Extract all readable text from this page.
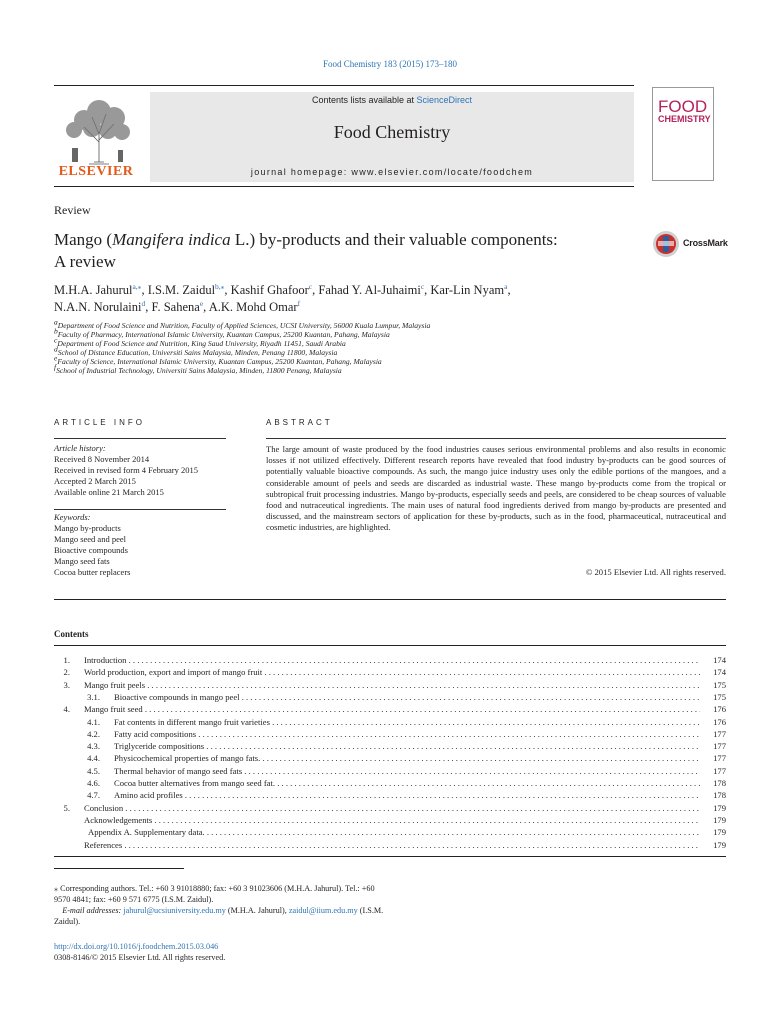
Food Chemistry 183 (2015) 173–180
ELSEVIER
Contents lists available at ScienceDirect
Food Chemistry
journal homepage: www.elsevier.com/locate/foodchem
FOOD
CHEMISTRY
Review
Mango (Mangifera indica L.) by-products and their valuable components:
A review
CrossMark
M.H.A. Jahurul$^{a,⁎}$, I.S.M. Zaidul$^{b,⁎}$, Kashif Ghafoor$^c$, Fahad Y. Al-Juhaimi$^c$, Kar-Lin Nyam$^a$,
N.A.N. Norulaini$^d$, F. Sahena$^e$, A.K. Mohd Omar$^f$
$^a$Department of Food Science and Nutrition, Faculty of Applied Sciences, UCSI University, 56000 Kuala Lumpur, Malaysia
$^b$Faculty of Pharmacy, International Islamic University, Kuantan Campus, 25200 Kuantan, Pahang, Malaysia
$^c$Department of Food Science and Nutrition, King Saud University, Riyadh 11451, Saudi Arabia
$^d$School of Distance Education, Universiti Sains Malaysia, Minden, Penang 11800, Malaysia
$^e$Faculty of Science, International Islamic University, Kuantan Campus, 25200 Kuantan, Pahang, Malaysia
$^f$School of Industrial Technology, Universiti Sains Malaysia, Minden, 11800 Penang, Malaysia
ARTICLE INFO
Article history:
Received 8 November 2014
Received in revised form 4 February 2015
Accepted 2 March 2015
Available online 21 March 2015
Keywords:
Mango by-products
Mango seed and peel
Bioactive compounds
Mango seed fats
Cocoa butter replacers
ABSTRACT
The large amount of waste produced by the food industries causes serious environmental problems and also results in economic losses if not utilized effectively. Different research reports have revealed that food industry by-products can be good sources of potentially valuable bioactive compounds. As such, the mango juice industry uses only the edible portions of the mangoes, and a considerable amount of peels and seeds are discarded as industrial waste. These mango by-products come from the tropical or subtropical fruit processing industries. Mango by-products, especially seeds and peels, are considered to be cheap sources of valuable food and nutraceutical ingredients. The main uses of natural food ingredients derived from mango by-products are presented and discussed, and the mainstream sectors of application for these by-products, such as in the food, pharmaceutical, nutraceutical and cosmetic industries, are highlighted.
© 2015 Elsevier Ltd. All rights reserved.
Contents
1. Introduction . . .	174
2. World production, export and import of mango fruit . . .	174
3. Mango fruit peels . . .	175
3.1. Bioactive compounds in mango peel . . .	175
4. Mango fruit seed . . .	176
4.1. Fat contents in different mango fruit varieties . . .	176
4.2. Fatty acid compositions . . .	177
4.3. Triglyceride compositions . . .	177
4.4. Physicochemical properties of mango fats. . . .	177
4.5. Thermal behavior of mango seed fats . . .	177
4.6. Cocoa butter alternatives from mango seed fat. . . .	178
4.7. Amino acid profiles . . .	178
5. Conclusion . . .	179
Acknowledgements . . .	179
Appendix A. Supplementary data. . . .	179
References . . .	179
⁎ Corresponding authors. Tel.: +60 3 91018880; fax: +60 3 91023606 (M.H.A. Jahurul). Tel.: +60 9570 4841; fax: +60 9 571 6775 (I.S.M. Zaidul).
E-mail addresses: jahurul@ucsiuniversity.edu.my (M.H.A. Jahurul), zaidul@iium.edu.my (I.S.M. Zaidul).
http://dx.doi.org/10.1016/j.foodchem.2015.03.046
0308-8146/© 2015 Elsevier Ltd. All rights reserved.
